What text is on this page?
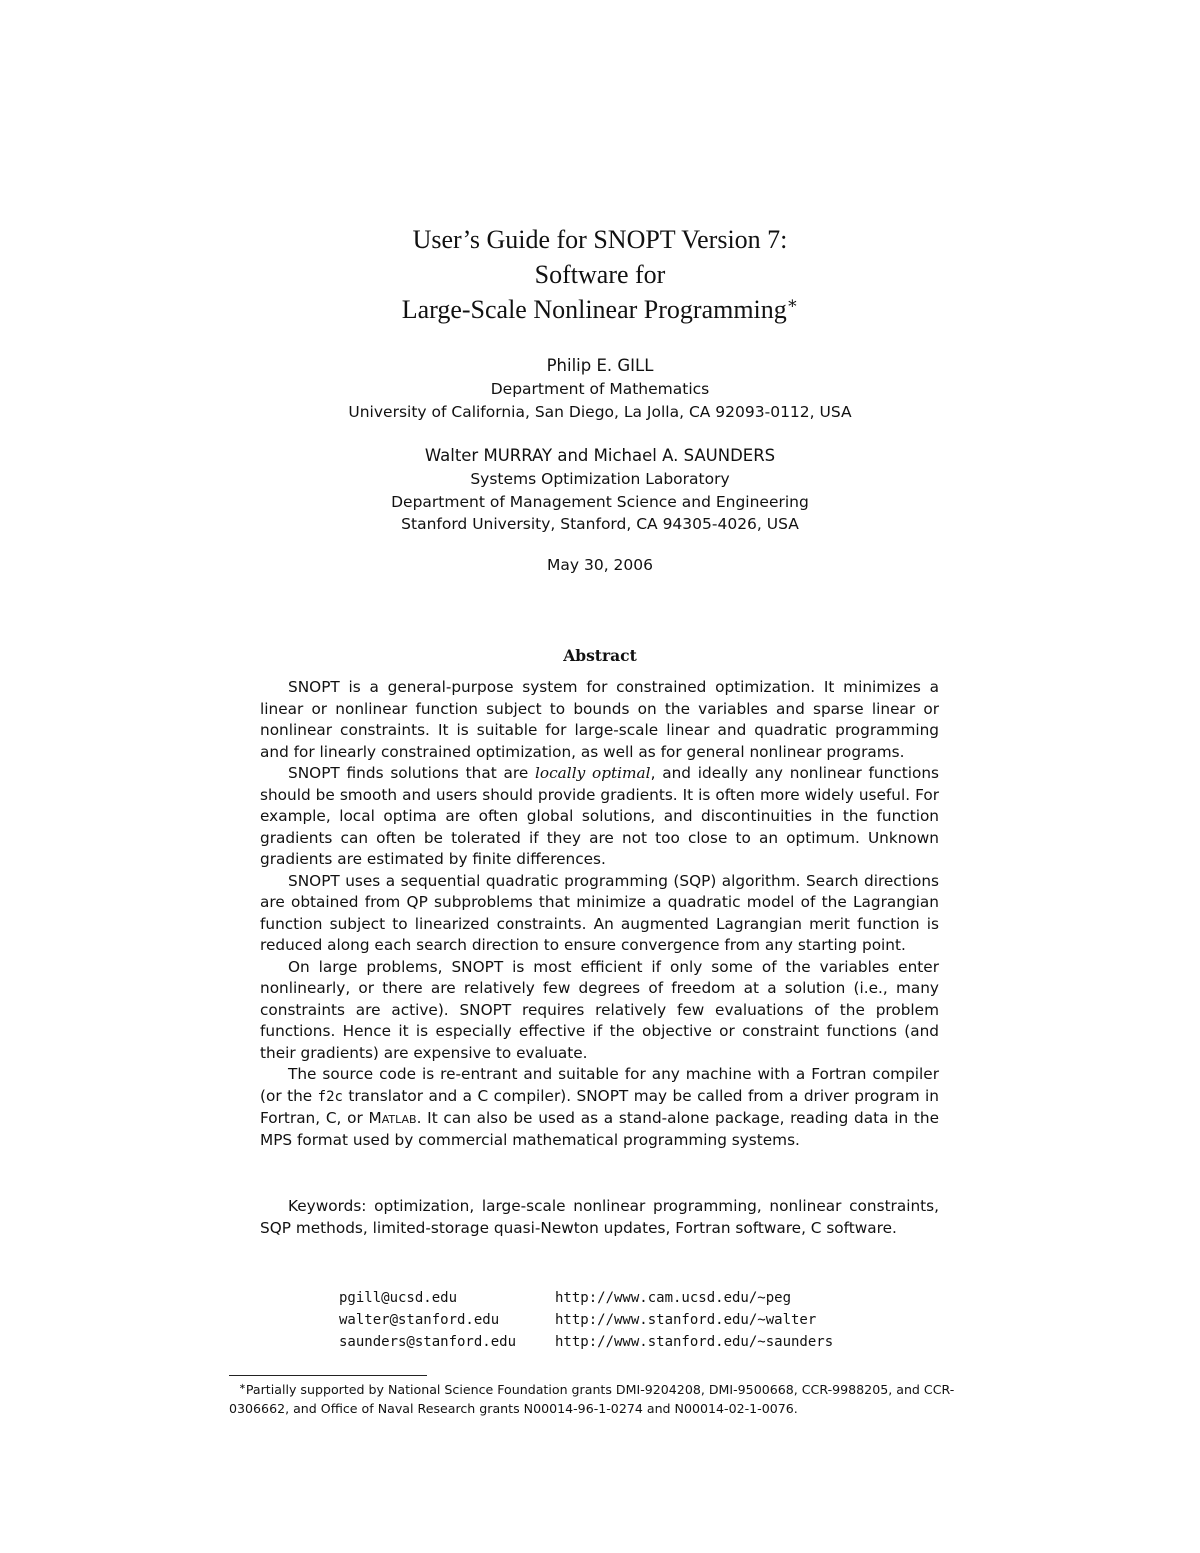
User’s Guide for SNOPT Version 7:
Software for
Large-Scale Nonlinear Programming∗
Philip E. GILL
Department of Mathematics
University of California, San Diego, La Jolla, CA 92093-0112, USA
Walter MURRAY and Michael A. SAUNDERS
Systems Optimization Laboratory
Department of Management Science and Engineering
Stanford University, Stanford, CA 94305-4026, USA
May 30, 2006
Abstract

SNOPT is a general-purpose system for constrained optimization. It minimizes a linear or nonlinear function subject to bounds on the variables and sparse linear or nonlinear constraints. It is suitable for large-scale linear and quadratic programming and for linearly constrained optimization, as well as for general nonlinear programs.

SNOPT finds solutions that are locally optimal, and ideally any nonlinear functions should be smooth and users should provide gradients. It is often more widely useful. For example, local optima are often global solutions, and discontinuities in the function gradients can often be tolerated if they are not too close to an optimum. Unknown gradients are estimated by finite differences.

SNOPT uses a sequential quadratic programming (SQP) algorithm. Search directions are obtained from QP subproblems that minimize a quadratic model of the Lagrangian function subject to linearized constraints. An augmented Lagrangian merit function is reduced along each search direction to ensure convergence from any starting point.

On large problems, SNOPT is most efficient if only some of the variables enter nonlinearly, or there are relatively few degrees of freedom at a solution (i.e., many constraints are active). SNOPT requires relatively few evaluations of the problem functions. Hence it is especially effective if the objective or constraint functions (and their gradients) are expensive to evaluate.

The source code is re-entrant and suitable for any machine with a Fortran compiler (or the f2c translator and a C compiler). SNOPT may be called from a driver program in Fortran, C, or Matlab. It can also be used as a stand-alone package, reading data in the MPS format used by commercial mathematical programming systems.

Keywords: optimization, large-scale nonlinear programming, nonlinear constraints, SQP methods, limited-storage quasi-Newton updates, Fortran software, C software.

pgill@ucsd.edu	http://www.cam.ucsd.edu/~peg
walter@stanford.edu	http://www.stanford.edu/~walter
saunders@stanford.edu	http://www.stanford.edu/~saunders

∗Partially supported by National Science Foundation grants DMI-9204208, DMI-9500668, CCR-9988205, and CCR-0306662, and Office of Naval Research grants N00014-96-1-0274 and N00014-02-1-0076.
